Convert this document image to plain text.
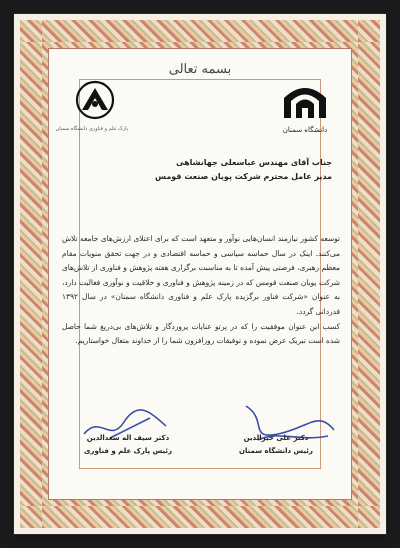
بسمه تعالی
پارک علم و فناوری دانشگاه سمنان	دانشگاه سمنان
جناب آقای مهندس عباسعلی جهانشاهی
مدیر عامل محترم شرکت پویان صنعت قومس

توسعه کشور نیازمند انسان‌هایی نوآور و متعهد است که برای اعتلای ارزش‌های جامعه تلاش می‌کنند. اینک در سال حماسه سیاسی و حماسه اقتصادی و در جهت تحقق منویات مقام معظم رهبری، فرصتی پیش آمده تا به مناسبت برگزاری هفته پژوهش و فناوری از تلاش‌های شرکت پویان صنعت قومس که در زمینه پژوهش و فناوری و خلاقیت و نوآوری فعالیت دارد، به عنوان «شرکت فناور برگزیده پارک علم و فناوری دانشگاه سمنان» در سال ۱۳۹۲ قدردانی گردد.

کسب این عنوان موفقیت را که در پرتو عنایات پروردگار و تلاش‌های بی‌دریغ شما حاصل شده است تبریک عرض نموده و توفیقات روزافزون شما را از خداوند متعال خواستاریم.

دکتر سیف اله سعدالدین
رئیس پارک علم و فناوری
دکتر علی خیرالدین
رئیس دانشگاه سمنان
